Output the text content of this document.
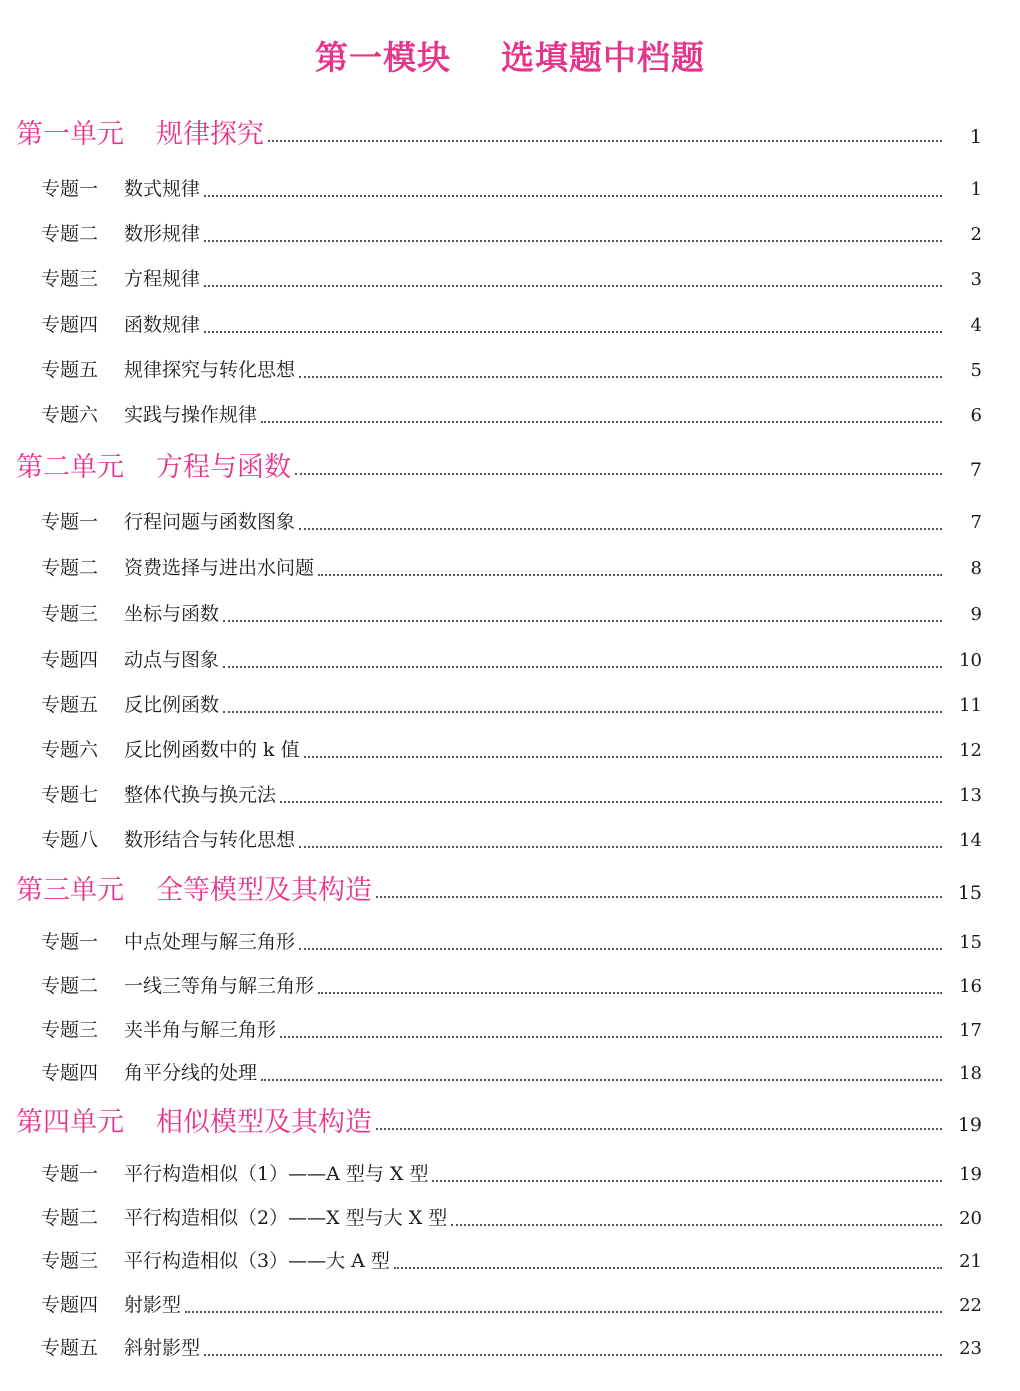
第一模块    选填题中档题
第一单元	规律探究	1
专题一	数式规律	1
专题二	数形规律	2
专题三	方程规律	3
专题四	函数规律	4
专题五	规律探究与转化思想	5
专题六	实践与操作规律	6
第二单元	方程与函数	7
专题一	行程问题与函数图象	7
专题二	资费选择与进出水问题	8
专题三	坐标与函数	9
专题四	动点与图象	10
专题五	反比例函数	11
专题六	反比例函数中的 k 值	12
专题七	整体代换与换元法	13
专题八	数形结合与转化思想	14
第三单元	全等模型及其构造	15
专题一	中点处理与解三角形	15
专题二	一线三等角与解三角形	16
专题三	夹半角与解三角形	17
专题四	角平分线的处理	18
第四单元	相似模型及其构造	19
专题一	平行构造相似（1）——A 型与 X 型	19
专题二	平行构造相似（2）——X 型与大 X 型	20
专题三	平行构造相似（3）——大 A 型	21
专题四	射影型	22
专题五	斜射影型	23
